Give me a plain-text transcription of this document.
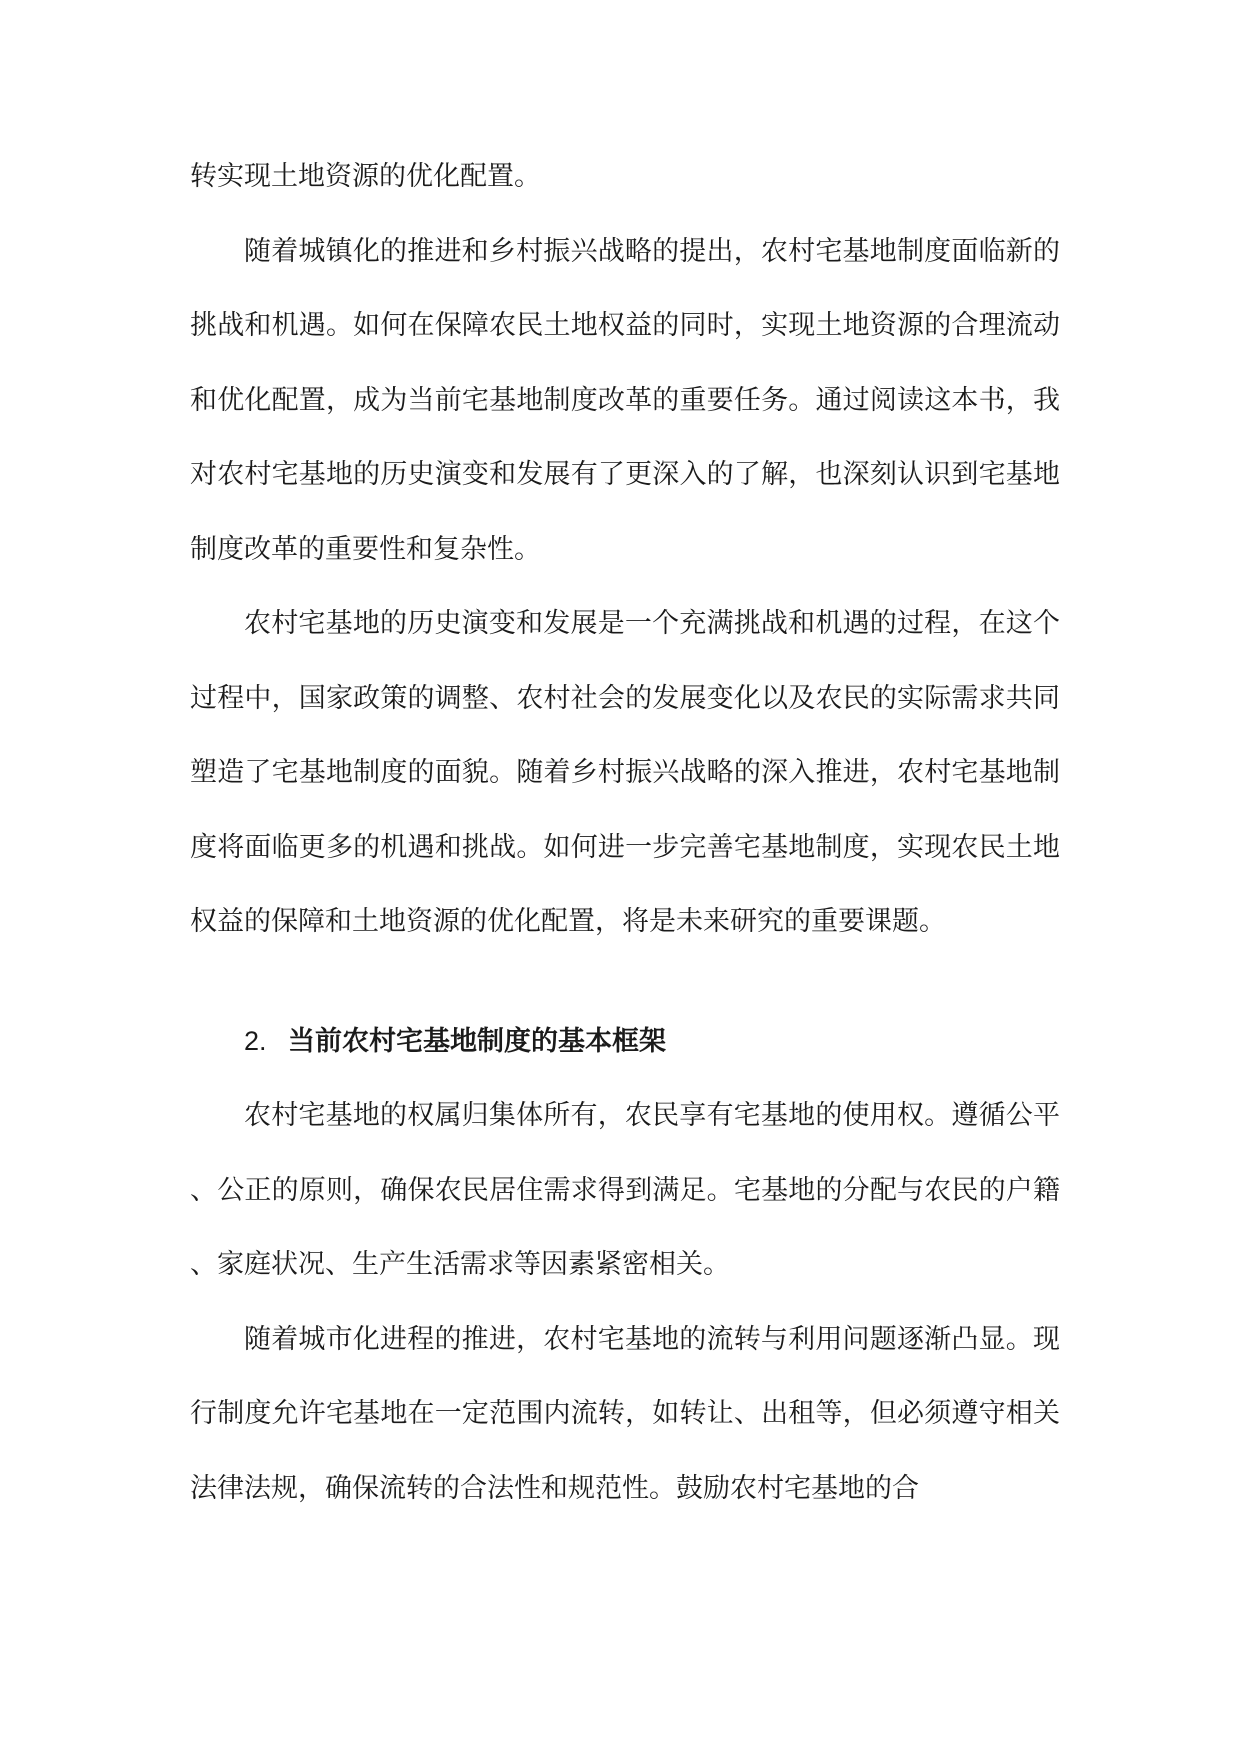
转实现土地资源的优化配置。

随着城镇化的推进和乡村振兴战略的提出，农村宅基地制度面临新的挑战和机遇。如何在保障农民土地权益的同时，实现土地资源的合理流动和优化配置，成为当前宅基地制度改革的重要任务。通过阅读这本书，我对农村宅基地的历史演变和发展有了更深入的了解，也深刻认识到宅基地制度改革的重要性和复杂性。

农村宅基地的历史演变和发展是一个充满挑战和机遇的过程，在这个过程中，国家政策的调整、农村社会的发展变化以及农民的实际需求共同塑造了宅基地制度的面貌。随着乡村振兴战略的深入推进，农村宅基地制度将面临更多的机遇和挑战。如何进一步完善宅基地制度，实现农民土地权益的保障和土地资源的优化配置，将是未来研究的重要课题。

2. 当前农村宅基地制度的基本框架

农村宅基地的权属归集体所有，农民享有宅基地的使用权。遵循公平、公正的原则，确保农民居住需求得到满足。宅基地的分配与农民的户籍、家庭状况、生产生活需求等因素紧密相关。

随着城市化进程的推进，农村宅基地的流转与利用问题逐渐凸显。现行制度允许宅基地在一定范围内流转，如转让、出租等，但必须遵守相关法律法规，确保流转的合法性和规范性。鼓励农村宅基地的合
